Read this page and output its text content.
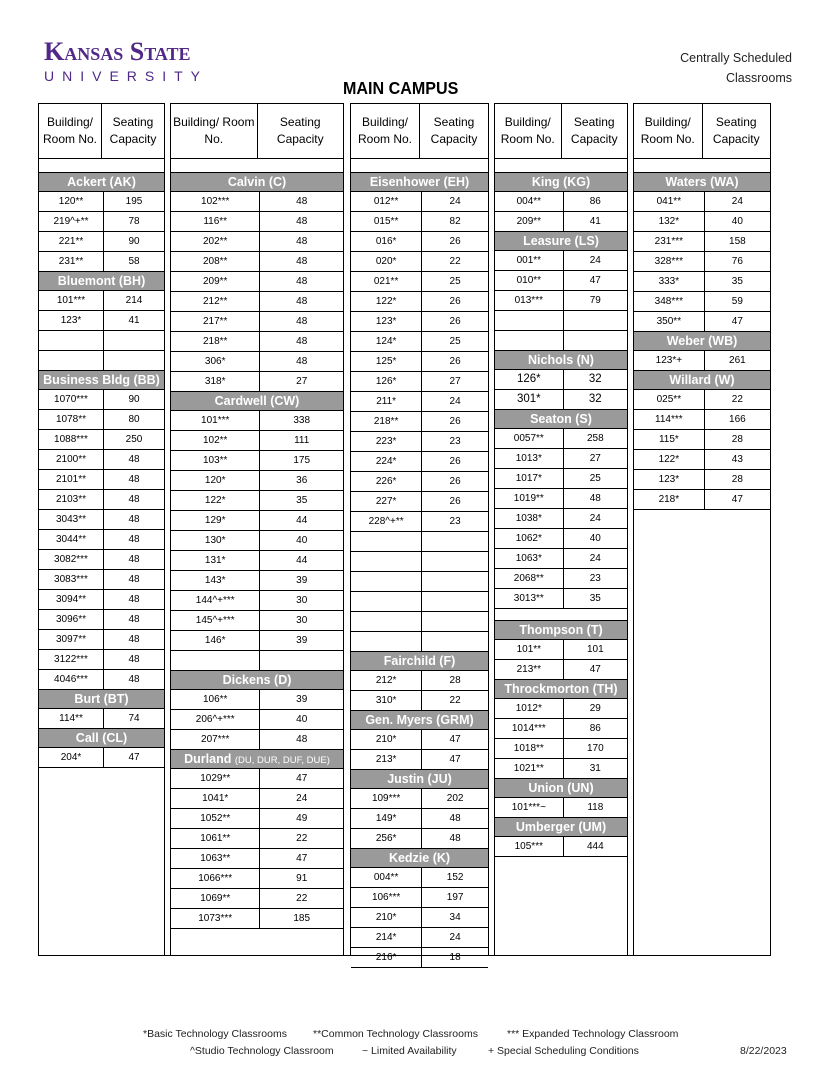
Kansas State
UNIVERSITY
MAIN CAMPUS
Centrally Scheduled
Classrooms
Building/ Room No.
Seating Capacity
Ackert (AK)
120**	195
219^+**	78
221**	90
231**	58
Bluemont (BH)
101***	214
123*	41
Business Bldg (BB)
1070***	90
1078**	80
1088***	250
2100**	48
2101**	48
2103**	48
3043**	48
3044**	48
3082***	48
3083***	48
3094**	48
3096**	48
3097**	48
3122***	48
4046***	48
Burt (BT)
114**	74
Call (CL)
204*	47
Building/ Room No.
Seating Capacity
Calvin (C)
102***	48
116**	48
202**	48
208**	48
209**	48
212**	48
217**	48
218**	48
306*	48
318*	27
Cardwell (CW)
101***	338
102**	111
103**	175
120*	36
122*	35
129*	44
130*	40
131*	44
143*	39
144^+***	30
145^+***	30
146*	39
Dickens (D)
106**	39
206^+***	40
207***	48
Durland (DU, DUR, DUF, DUE)
1029**	47
1041*	24
1052**	49
1061**	22
1063**	47
1066***	91
1069**	22
1073***	185
Building/ Room No.
Seating Capacity
Eisenhower (EH)
012**	24
015**	82
016*	26
020*	22
021**	25
122*	26
123*	26
124*	25
125*	26
126*	27
211*	24
218**	26
223*	23
224*	26
226*	26
227*	26
228^+**	23
Fairchild (F)
212*	28
310*	22
Gen. Myers (GRM)
210*	47
213*	47
Justin (JU)
109***	202
149*	48
256*	48
Kedzie (K)
004**	152
106***	197
210*	34
214*	24
216*	18
Building/ Room No.
Seating Capacity
King (KG)
004**	86
209**	41
Leasure (LS)
001**	24
010**	47
013***	79
Nichols (N)
126*	32
301*	32
Seaton (S)
0057**	258
1013*	27
1017*	25
1019**	48
1038*	24
1062*	40
1063*	24
2068**	23
3013**	35
Thompson (T)
101**	101
213**	47
Throckmorton (TH)
1012*	29
1014***	86
1018**	170
1021**	31
Union (UN)
101***~	118
Umberger (UM)
105***	444
Building/ Room No.
Seating Capacity
Waters (WA)
041**	24
132*	40
231***	158
328***	76
333*	35
348***	59
350**	47
Weber (WB)
123*+	261
Willard (W)
025**	22
114***	166
115*	28
122*	43
123*	28
218*	47
*Basic Technology Classrooms **Common Technology Classrooms	*** Expanded Technology Classroom
^Studio Technology Classroom	~ Limited Availability	+ Special Scheduling Conditions	8/22/2023
